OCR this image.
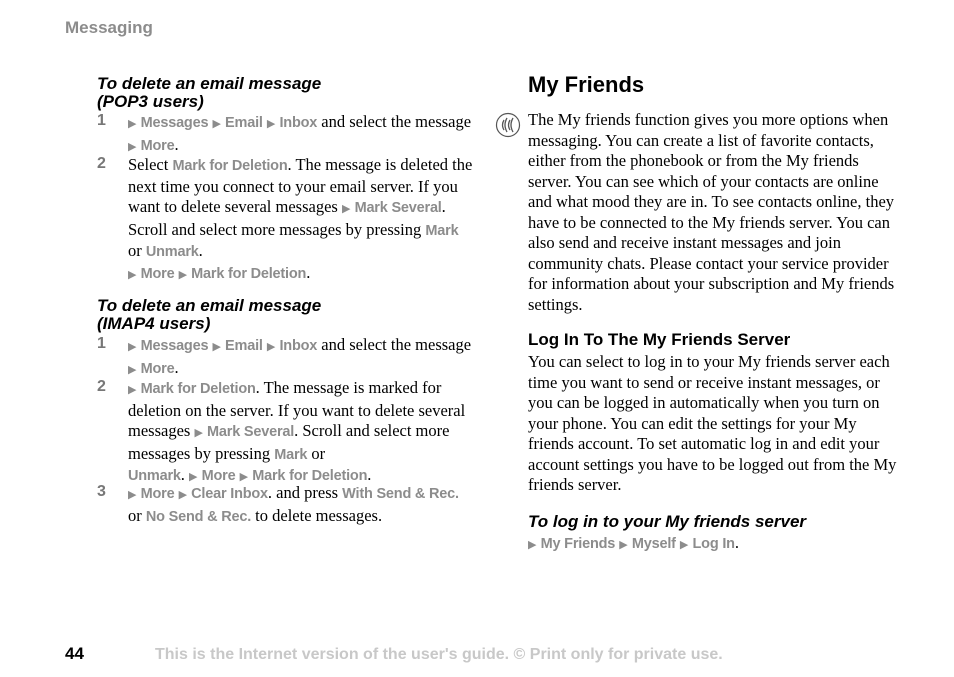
Messaging
To delete an email message
(POP3 users)
1 ▶ Messages ▶ Email ▶ Inbox and select the message ▶ More.
2 Select Mark for Deletion. The message is deleted the next time you connect to your email server. If you want to delete several messages ▶ Mark Several. Scroll and select more messages by pressing Mark or Unmark.
▶ More ▶ Mark for Deletion.
To delete an email message
(IMAP4 users)
1 ▶ Messages ▶ Email ▶ Inbox and select the message ▶ More.
2 ▶ Mark for Deletion. The message is marked for deletion on the server. If you want to delete several messages ▶ Mark Several. Scroll and select more messages by pressing Mark or
Unmark. ▶ More ▶ Mark for Deletion.
3 ▶ More ▶ Clear Inbox. and press With Send & Rec. or No Send & Rec. to delete messages.
My Friends
The My friends function gives you more options when messaging. You can create a list of favorite contacts, either from the phonebook or from the My friends server. You can see which of your contacts are online and what mood they are in. To see contacts online, they have to be connected to the My friends server. You can also send and receive instant messages and join community chats. Please contact your service provider for information about your subscription and My friends settings.
Log In To The My Friends Server
You can select to log in to your My friends server each time you want to send or receive instant messages, or you can be logged in automatically when you turn on your phone. You can edit the settings for your My friends account. To set automatic log in and edit your account settings you have to be logged out from the My friends server.
To log in to your My friends server
▶ My Friends ▶ Myself ▶ Log In.
44	This is the Internet version of the user's guide. © Print only for private use.
